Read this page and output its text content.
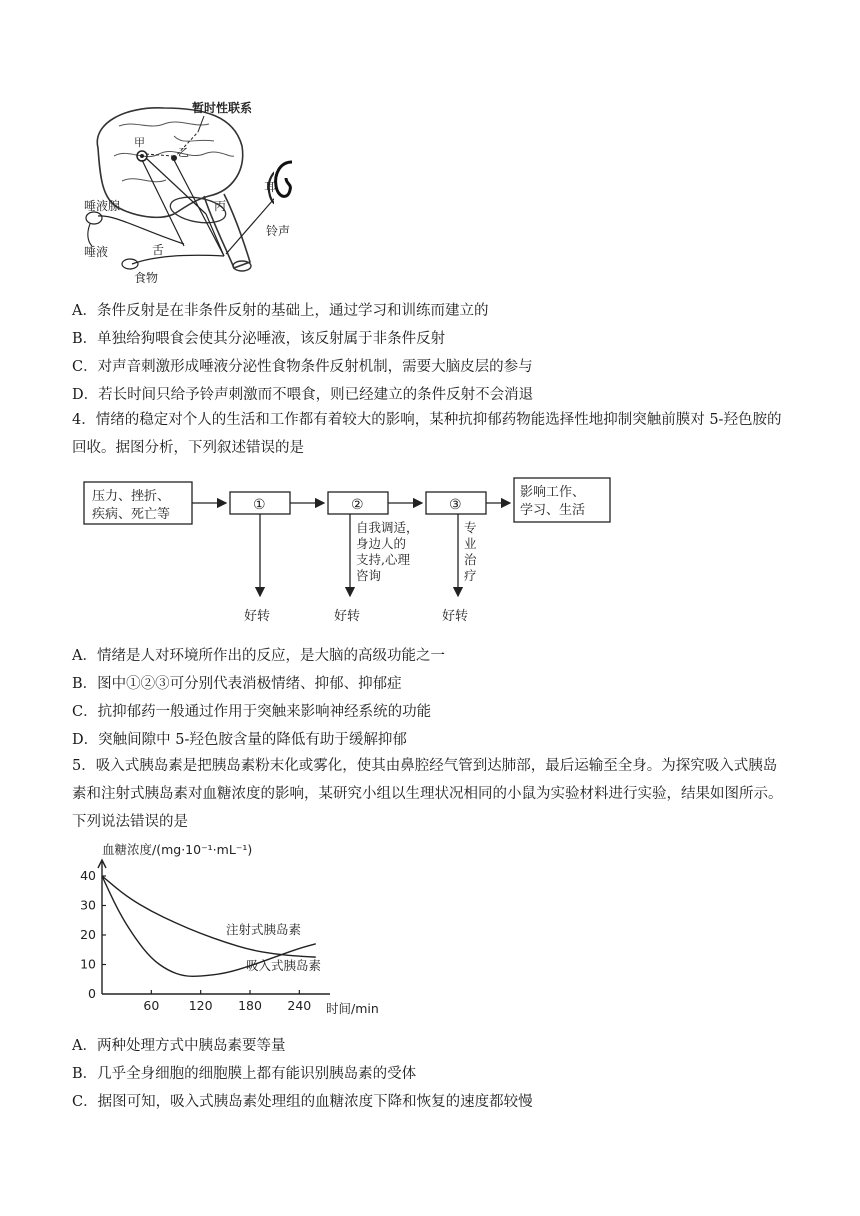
暂时性联系
甲
乙
丙
唾液腺
唾液	舌
食物
耳
铃声
A．条件反射是在非条件反射的基础上，通过学习和训练而建立的
B．单独给狗喂食会使其分泌唾液，该反射属于非条件反射
C．对声音刺激形成唾液分泌性食物条件反射机制，需要大脑皮层的参与
D．若长时间只给予铃声刺激而不喂食，则已经建立的条件反射不会消退
4．情绪的稳定对个人的生活和工作都有着较大的影响，某种抗抑郁药物能选择性地抑制突触前膜对 5-羟色胺的回收。据图分析，下列叙述错误的是
压力、挫折、
疾病、死亡等
①	②	③
影响工作、
学习、生活
自我调适，
身边人的
支持,心理
咨询
专
业
治
疗
好转	好转	好转
A．情绪是人对环境所作出的反应，是大脑的高级功能之一
B．图中①②③可分别代表消极情绪、抑郁、抑郁症
C．抗抑郁药一般通过作用于突触来影响神经系统的功能
D．突触间隙中 5-羟色胺含量的降低有助于缓解抑郁
5．吸入式胰岛素是把胰岛素粉末化或雾化，使其由鼻腔经气管到达肺部，最后运输至全身。为探究吸入式胰岛素和注射式胰岛素对血糖浓度的影响，某研究小组以生理状况相同的小鼠为实验材料进行实验，结果如图所示。下列说法错误的是
血糖浓度/(mg·10⁻¹·mL⁻¹)
时间/min
60 120 180 240
0
10
20
30
40
注射式胰岛素
吸入式胰岛素
A．两种处理方式中胰岛素要等量
B．几乎全身细胞的细胞膜上都有能识别胰岛素的受体
C．据图可知，吸入式胰岛素处理组的血糖浓度下降和恢复的速度都较慢
